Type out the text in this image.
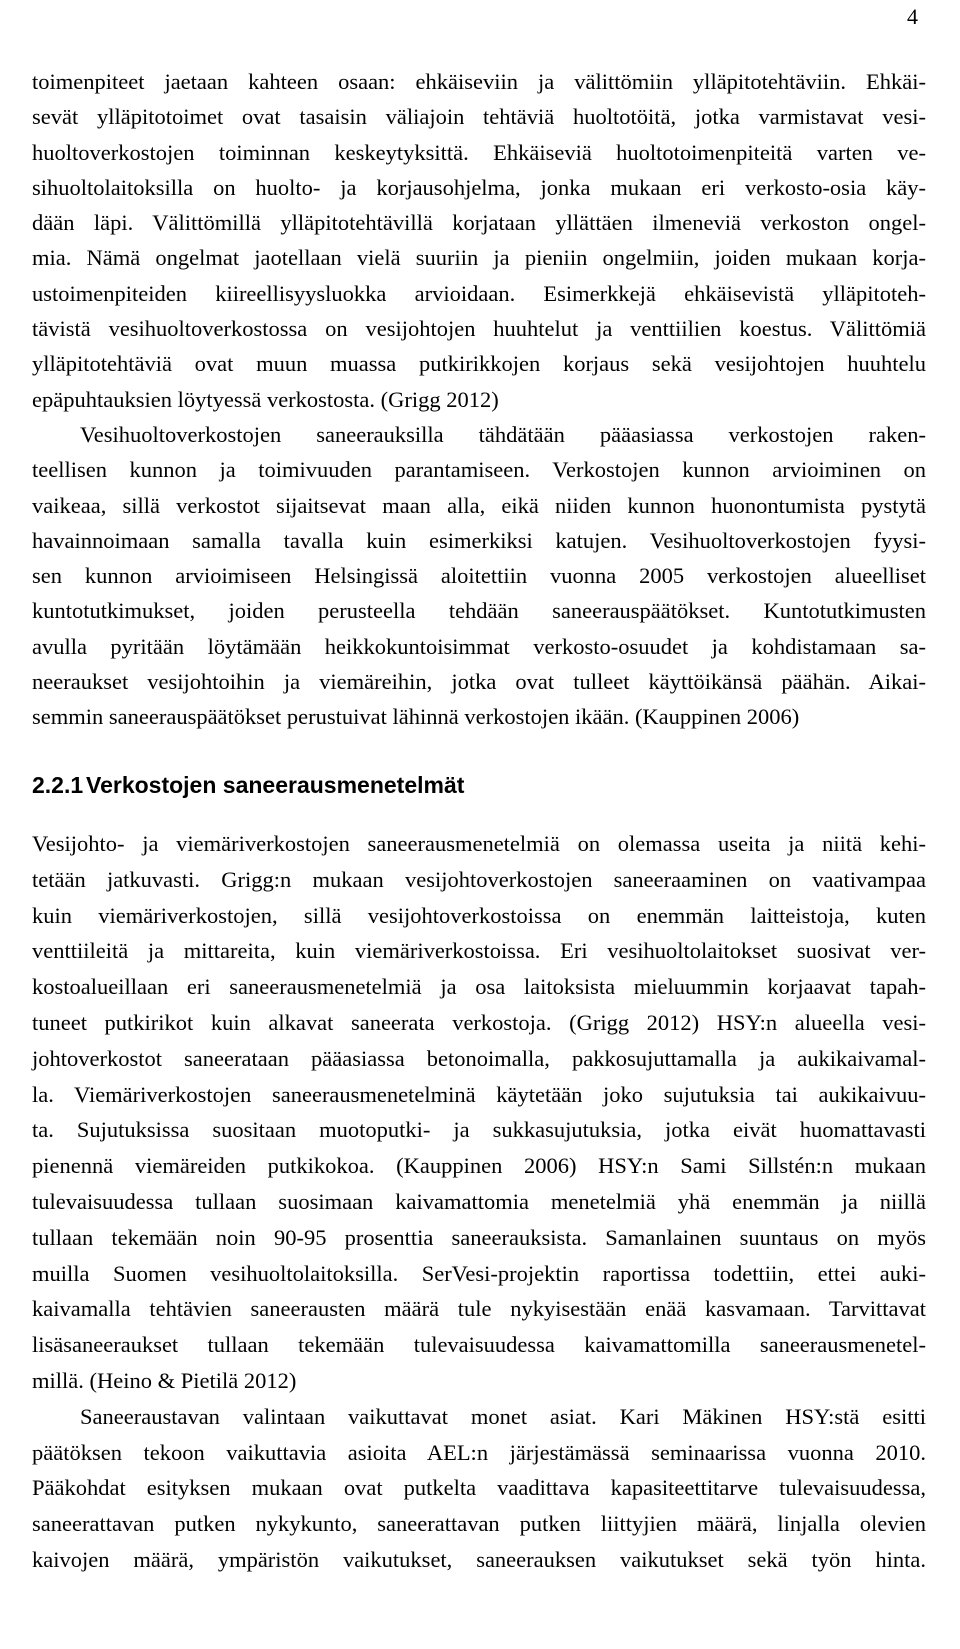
4
toimenpiteet jaetaan kahteen osaan: ehkäiseviin ja välittömiin ylläpitotehtäviin. Ehkäi-
sevät ylläpitotoimet ovat tasaisin väliajoin tehtäviä huoltotöitä, jotka varmistavat vesi-
huoltoverkostojen toiminnan keskeytyksittä. Ehkäiseviä huoltotoimenpiteitä varten ve-
sihuoltolaitoksilla on huolto- ja korjausohjelma, jonka mukaan eri verkosto-osia käy-
dään läpi. Välittömillä ylläpitotehtävillä korjataan yllättäen ilmeneviä verkoston ongel-
mia. Nämä ongelmat jaotellaan vielä suuriin ja pieniin ongelmiin, joiden mukaan korja-
ustoimenpiteiden kiireellisyysluokka arvioidaan. Esimerkkejä ehkäisevistä ylläpitoteh-
tävistä vesihuoltoverkostossa on vesijohtojen huuhtelut ja venttiilien koestus. Välittömiä
ylläpitotehtäviä ovat muun muassa putkirikkojen korjaus sekä vesijohtojen huuhtelu
epäpuhtauksien löytyessä verkostosta. (Grigg 2012)
Vesihuoltoverkostojen saneerauksilla tähdätään pääasiassa verkostojen raken-
teellisen kunnon ja toimivuuden parantamiseen. Verkostojen kunnon arvioiminen on
vaikeaa, sillä verkostot sijaitsevat maan alla, eikä niiden kunnon huonontumista pystytä
havainnoimaan samalla tavalla kuin esimerkiksi katujen. Vesihuoltoverkostojen fyysi-
sen kunnon arvioimiseen Helsingissä aloitettiin vuonna 2005 verkostojen alueelliset
kuntotutkimukset, joiden perusteella tehdään saneerauspäätökset. Kuntotutkimusten
avulla pyritään löytämään heikkokuntoisimmat verkosto-osuudet ja kohdistamaan sa-
neeraukset vesijohtoihin ja viemäreihin, jotka ovat tulleet käyttöikänsä päähän. Aikai-
semmin saneerauspäätökset perustuivat lähinnä verkostojen ikään. (Kauppinen 2006)
2.2.1 Verkostojen saneerausmenetelmät
Vesijohto- ja viemäriverkostojen saneerausmenetelmiä on olemassa useita ja niitä kehi-
tetään jatkuvasti. Grigg:n mukaan vesijohtoverkostojen saneeraaminen on vaativampaa
kuin viemäriverkostojen, sillä vesijohtoverkostoissa on enemmän laitteistoja, kuten
venttiileitä ja mittareita, kuin viemäriverkostoissa. Eri vesihuoltolaitokset suosivat ver-
kostoalueillaan eri saneerausmenetelmiä ja osa laitoksista mieluummin korjaavat tapah-
tuneet putkirikot kuin alkavat saneerata verkostoja. (Grigg 2012) HSY:n alueella vesi-
johtoverkostot saneerataan pääasiassa betonoimalla, pakkosujuttamalla ja aukikaivamal-
la. Viemäriverkostojen saneerausmenetelminä käytetään joko sujutuksia tai aukikaivuu-
ta. Sujutuksissa suositaan muotoputki- ja sukkasujutuksia, jotka eivät huomattavasti
pienennä viemäreiden putkikokoa. (Kauppinen 2006) HSY:n Sami Sillstén:n mukaan
tulevaisuudessa tullaan suosimaan kaivamattomia menetelmiä yhä enemmän ja niillä
tullaan tekemään noin 90-95 prosenttia saneerauksista. Samanlainen suuntaus on myös
muilla Suomen vesihuoltolaitoksilla. SerVesi-projektin raportissa todettiin, ettei auki-
kaivamalla tehtävien saneerausten määrä tule nykyisestään enää kasvamaan. Tarvittavat
lisäsaneeraukset tullaan tekemään tulevaisuudessa kaivamattomilla saneerausmenetel-
millä. (Heino & Pietilä 2012)
Saneeraustavan valintaan vaikuttavat monet asiat. Kari Mäkinen HSY:stä esitti
päätöksen tekoon vaikuttavia asioita AEL:n järjestämässä seminaarissa vuonna 2010.
Pääkohdat esityksen mukaan ovat putkelta vaadittava kapasiteettitarve tulevaisuudessa,
saneerattavan putken nykykunto, saneerattavan putken liittyjien määrä, linjalla olevien
kaivojen määrä, ympäristön vaikutukset, saneerauksen vaikutukset sekä työn hinta.
